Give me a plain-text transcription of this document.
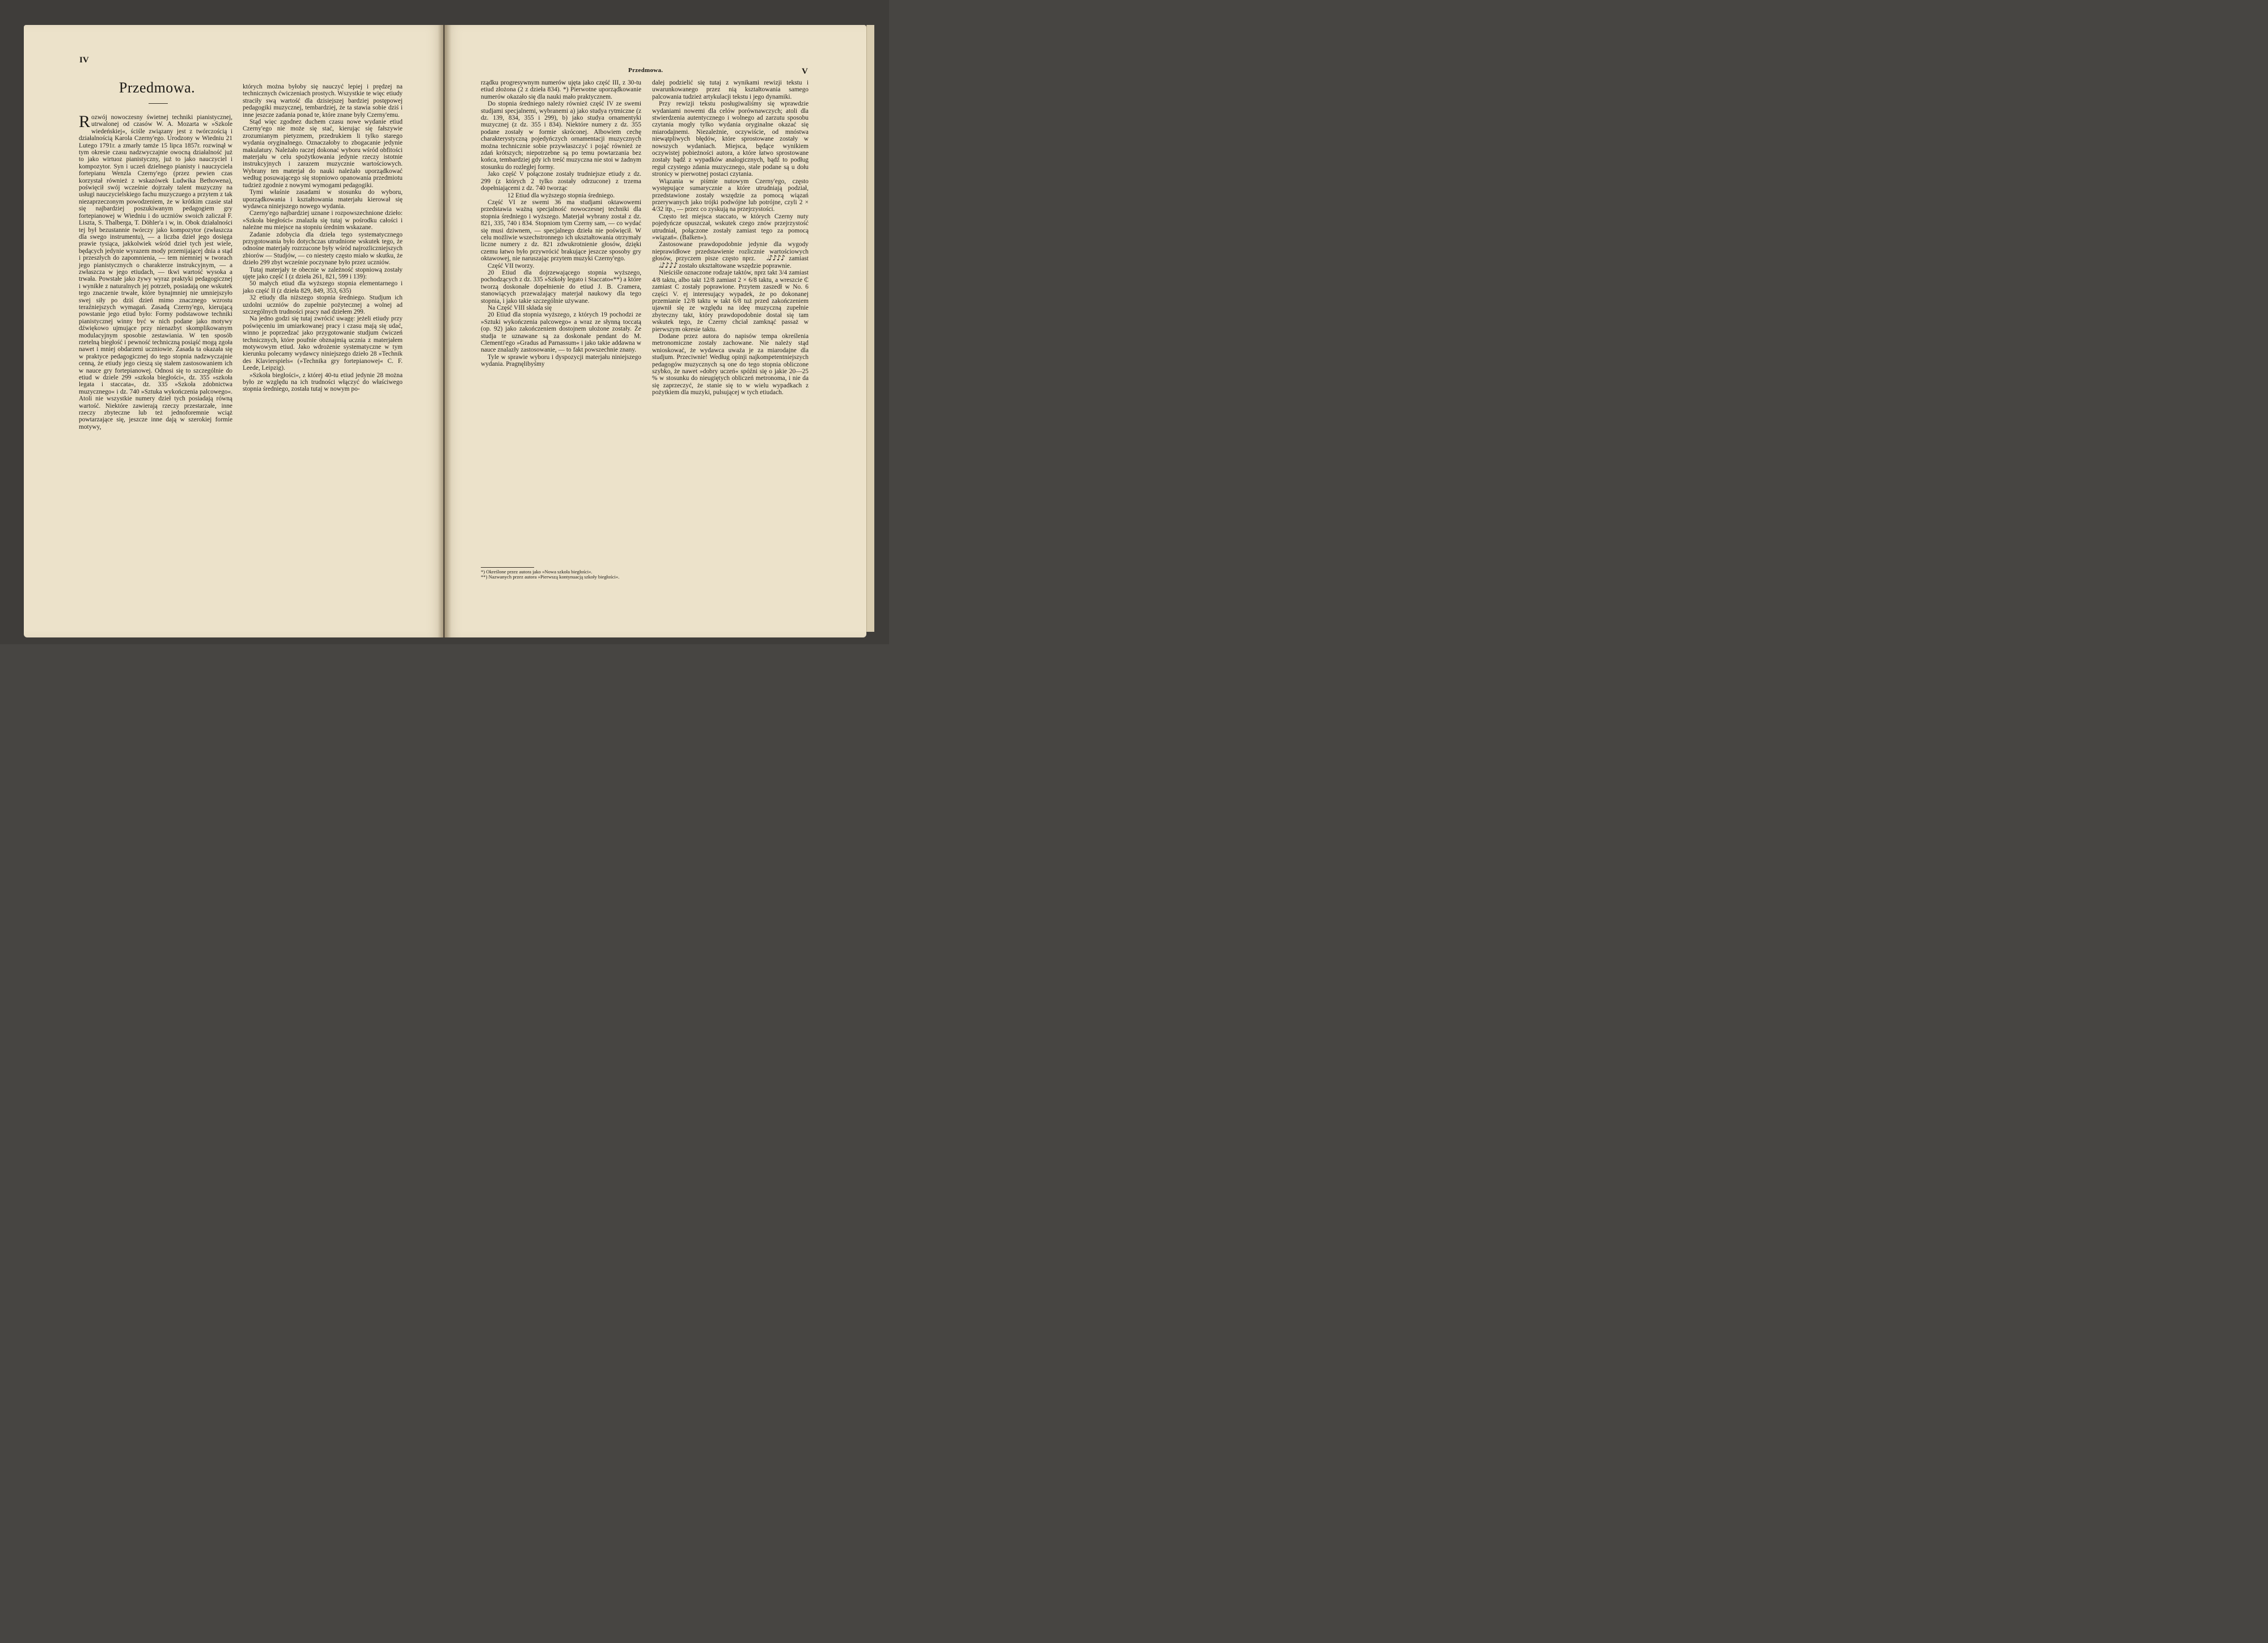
IV
Przedmowa.

Rozwój nowoczesny świetnej techniki pianistycznej, utrwalonej od czasów W. A. Mozarta w »Szkole wiedeńskiej«, ściśle związany jest z twórczością i działalnością Karola Czerny'ego. Urodzony w Wiedniu 21 Lutego 1791r. a zmarły tamże 15 lipca 1857r. rozwinął w tym okresie czasu nadzwyczajnie owocną działalność już to jako wirtuoz pianistyczny, już to jako nauczyciel i kompozytor. Syn i uczeń dzielnego pianisty i nauczyciela fortepianu Wenzla Czerny'ego (przez pewien czas korzystał również z wskazówek Ludwika Bethowena), poświęcił swój wcześnie dojrzały talent muzyczny na usługi nauczycielskiego fachu muzyczuego a przytem z tak niezaprzeczonym powodzeniem, że w krótkim czasie stał się najbardziej poszukiwanym pedagogiem gry fortepianowej w Wiedniu i do uczniów swoich zaliczał F. Liszta, S. Thalberga, T. Döhler'a i w, in. Obok działalności tej był bezustannie twórczy jako kompozytor (zwłaszcza dla swego instrumentu), — a liczba dzieł jego dosięga prawie tysiąca, jakkolwiek wśród dzieł tych jest wiele, będących jedynie wyrazem mody przemijającej dnia a stąd i przeszłych do zapomnienia, — tem niemniej w tworach jego pianistycznych o charakterze instrukcyjnym, — a zwłaszcza w jego etiudach, — tkwi wartość wysoka a trwała. Powstałe jako żywy wyraz praktyki pedagogicznej i wynikłe z naturalnych jej potrzeb, posiadają one wskutek tego znaczenie trwałe, które bynajmniej nie umniejszyło swej siły po dziś dzień mimo znacznego wzrostu teraźniejszych wymagań. Zasadą Czerny'ego, kierującą powstanie jego etiud było: Formy podstawowe techniki pianistycznej winny być w nich podane jako motywy dźwiękowo ujmujące przy nienazbyt skomplikowanym modulacyjnym sposobie zestawiania. W ten sposób rzetelną biegłość i pewność techniczną posiąść mogą zgoła nawet i mniej obdarzeni uczniowie. Zasada ta okazała się w praktyce pedagogicznej do tego stopnia nadzwyczajnie cenną, że etiudy jego cieszą się stałem zastosowaniem ich w nauce gry fortepianowej. Odnosi się to szczególnie do etiud w dziele 299 »szkoła biegłości«, dz. 355 »szkoła legata i staccata«, dz. 335 »Szkoła zdobnictwa muzycznego« i dz. 740 »Sztuka wykończenia palcowego«. Atoli nie wszystkie numery dzieł tych posiadają równą wartość. Niektóre zawierają rzeczy przestarzałe, inne rzeczy zbyteczne lub też jednoforemnie wciąż powtarzające się, jeszcze inne dają w szerokiej formie motywy,

których można byłoby się nauczyć lepiej i prędzej na technicznych ćwiczeniach prostych. Wszystkie te więc etiudy straciły swą wartość dla dzisiejszej bardziej postępowej pedagogiki muzycznej, tembardziej, że ta stawia sobie dziś i inne jeszcze zadania ponad te, które znane były Czerny'emu.

Stąd więc zgodnez duchem czasu nowe wydanie etiud Czerny'ego nie może się stać, kierując się fałszywie zrozumianym pietyzmem, przedrukiem li tylko starego wydania oryginalnego. Oznaczałoby to zbogacanie jedynie makulatury. Należało raczej dokonać wyboru wśród obfitości materjału w celu spożytkowania jedynie rzeczy istotnie instrukcyjnych i zarazem muzycznie wartościowych. Wybrany ten materjał do nauki należało uporządkować według posuwającego się stopniowo opanowania przedmiotu tudzież zgodnie z nowymi wymogami pedagogiki.

Tymi właśnie zasadami w stosunku do wyboru, uporządkowania i kształtowania materjału kierował się wydawca niniejszego nowego wydania.

Czerny'ego najbardziej uznane i rozpowszechnione dzieło: »Szkoła biegłości« znalazła się tutaj w pośrodku całości i należne mu miejsce na stopniu średnim wskazane.

Zadanie zdobycia dla dzieła tego systematycznego przygotowania było dotychczas utrudnione wskutek tego, że odnośne materjały rozrzucone były wśród najrozliczniejszych zbiorów — Studjów, — co niestety często miało w skutku, że dzieło 299 zbyt wcześnie poczynane było przez uczniów.

Tutaj materjały te obecnie w zależność stopniową zostały ujęte jako część I (z dzieła 261, 821, 599 i 139):

50 małych etiud dla wyższego stopnia elementarnego i jako część II (z dzieła 829, 849, 353, 635)

32 etiudy dla niższego stopnia średniego. Studjum ich uzdolni uczniów do zupełnie pożytecznej a wolnej ad szczególnych trudności pracy nad dziełem 299.

Na jedno godzi się tutaj zwrócić uwagę: jeżeli etiudy przy poświęceniu im umiarkowanej pracy i czasu mają się udać, winno je poprzedzać jako przygotowanie studjum ćwiczeń technicznych, które poufnie obznajmią ucznia z materjałem motywowym etiud. Jako wdrożenie systematyczne w tym kierunku polecamy wydawcy niniejszego dzieło 28 »Technik des Klavierspiels« (»Technika gry fortepianowej« C. F. Leede, Leipzig).

»Szkoła biegłości«, z której 40-tu etiud jedynie 28 można było ze względu na ich trudności włączyć do właściwego stopnia średniego, została tutaj w nowym po-

Przedmowa.	V

rządku progresywnym numerów ujęta jako część III, z 30-tu etiud złożona (2 z dzieła 834). *) Pierwotne uporządkowanie numerów okazało się dla nauki mało praktycznem.

Do stopnia średniego należy również część IV ze swemi studjami specjalnemi, wybranemi a) jako studya rytmiczne (z dz. 139, 834, 355 i 299), b) jako studya ornamentyki muzycznej (z dz. 355 i 834). Niektóre numery z dz. 355 podane zostały w formie skróconej. Albowiem cechę charakterystyczną pojedyńczych ornamentacji muzycznych można technicznie sobie przywłaszczyć i pojąć również ze zdań krótszych; niepotrzebne są po temu powtarzania bez końca, tembardziej gdy ich treść muzyczna nie stoi w żadnym stosunku do rozległej formy.

Jako część V połączone zostały trudniejsze etiudy z dz. 299 (z których 2 tylko zostały odrzucone) z trzema dopełniającemi z dz. 740 tworząc

12 Etiud dla wyższego stopnia średniego.

Część VI ze swemi 36 ma studjami oktawowemi przedstawia ważną specjalność nowoczesnej techniki dla stopnia średniego i wyższego. Materjał wybrany został z dz. 821, 335, 740 i 834. Stopniom tym Czerny sam, — co wydać się musi dziwnem, — specjalnego dzieła nie poświęcił. W celu możliwie wszechstronnego ich ukształtowania otrzymały liczne numery z dz. 821 zdwukrotnienie głosów, dzięki czemu łatwo było przywrócić brakujące jeszcze sposoby gry oktawowej, nie naruszając przytem muzyki Czerny'ego.

Część VII tworzy.

20 Etiud dla dojrzewającego stopnia wyższego, pochodzących z dz. 335 »Szkoły legato i Staccato«**) a które tworzą doskonałe dopełnienie do etiud J. B. Cramera, stanowiących przeważający materjał naukowy dla tego stopnia, i jako takie szczególnie używane.

Na Część VIII składa się

20 Etiud dla stopnia wyższego, z których 19 pochodzi ze »Sztuki wykończenia palcowego« a wraz ze słynną toccatą (op. 92) jako zakończeniem dostojnem ułożone zostały. Że studja te uznawane są za doskonałe pendant do M. Clementi'ego »Gradus ad Parnassum« i jako takie addawna w nauce znalazły zastosowanie, — to fakt powszechnie znany.

Tyle w sprawie wyboru i dyspozycji materjału niniejszego wydania. Pragnęlibyśmy

*) Określone przez autora jako »Nowa szkoła biegłości«.

**) Nazwanych przez autora »Pierwszą kontynuacją szkoły biegłości«.

dalej podzielić się tutaj z wynikami rewizji tekstu i uwarunkowanego przez nią kształtowania samego palcowania tudzież artykulacji tekstu i jego dynamiki.

Przy rewizji tekstu posługiwaliśmy się wprawdzie wydaniami nowemi dla celów porównawczych; atoli dla stwierdzenia autentycznego i wolnego ad zarzutu sposobu czytania mogły tylko wydania oryginalne okazać się miarodajnemi. Niezależnie, oczywiście, od mnóstwa niewątpliwych błędów, które sprostowane zostały w nowszych wydaniach. Miejsca, będące wynikiem oczywistej pobieżności autora, a które łatwo sprostowane zostały bądź z wypadków analogicznych, bądź to podług reguł czystego zdania muzycznego, stale podane są u dołu stronicy w pierwotnej postaci czytania.

Wiązania w piśmie nutowym Czerny'ego, często występujące sumarycznie a które utrudniają podział, przedstawione zostały wszędzie za pomocą wiązań przerywanych jako trójki podwójne lub potrójne, czyli 2 × 4/32 itp., — przez co zyskują na przejrzystości.

Często też miejsca staccato, w których Czerny nuty pojedyńcze opuszczał, wskutek czego znów przejrzystość utrudniał, połączone zostały zamiast tego za pomocą »wiązań«. (Balken«).

Zastosowane prawdopodobnie jedynie dla wygody nieprawidłowe przedstawienie rozlicznie wartościowych głosów, przyczem pisze często nprz. 𝅗𝅥♪♪♪♪ zamiast 𝅗𝅥♪♪♪♪ zostało ukształtowane wszędzie poprawnie.

Nieściśle oznaczone rodzaje taktów, nprz takt 3/4 zamiast 4/8 taktu, albo takt 12/8 zamiast 2 × 6/8 taktu, a wreszcie ₵ zamiast C zostały poprawione. Przytem zaszedł w No. 6 części V. ej interesujący wypadek, że po dokonanej przemianie 12/8 taktu w takt 6/8 tuż przed zakończeniem ujawnił się ze względu na ideę muzyczną zupełnie zbyteczny takt, który prawdopodobnie dostał się tam wskutek tego, że Czerny chciał zamknąć passaż w pierwszym okresie taktu.

Dodane przez autora do napisów tempa określenia metronomiczne zostały zachowane. Nie należy stąd wnioskować, że wydawca uważa je za miarodajne dla studjum. Przeciwnie! Według opinji najkompetentniejszych pedagogów muzycznych są one do tego stopnia obliczone szybko, że nawet »dobry uczeń« spóźni się o jakie 20—25 % w stosunku do nieugiętych obliczeń metronoma, i nie da się zaprzeczyć, że stanie się to w wielu wypadkach z pożytkiem dla muzyki, pulsującej w tych etiudach.
